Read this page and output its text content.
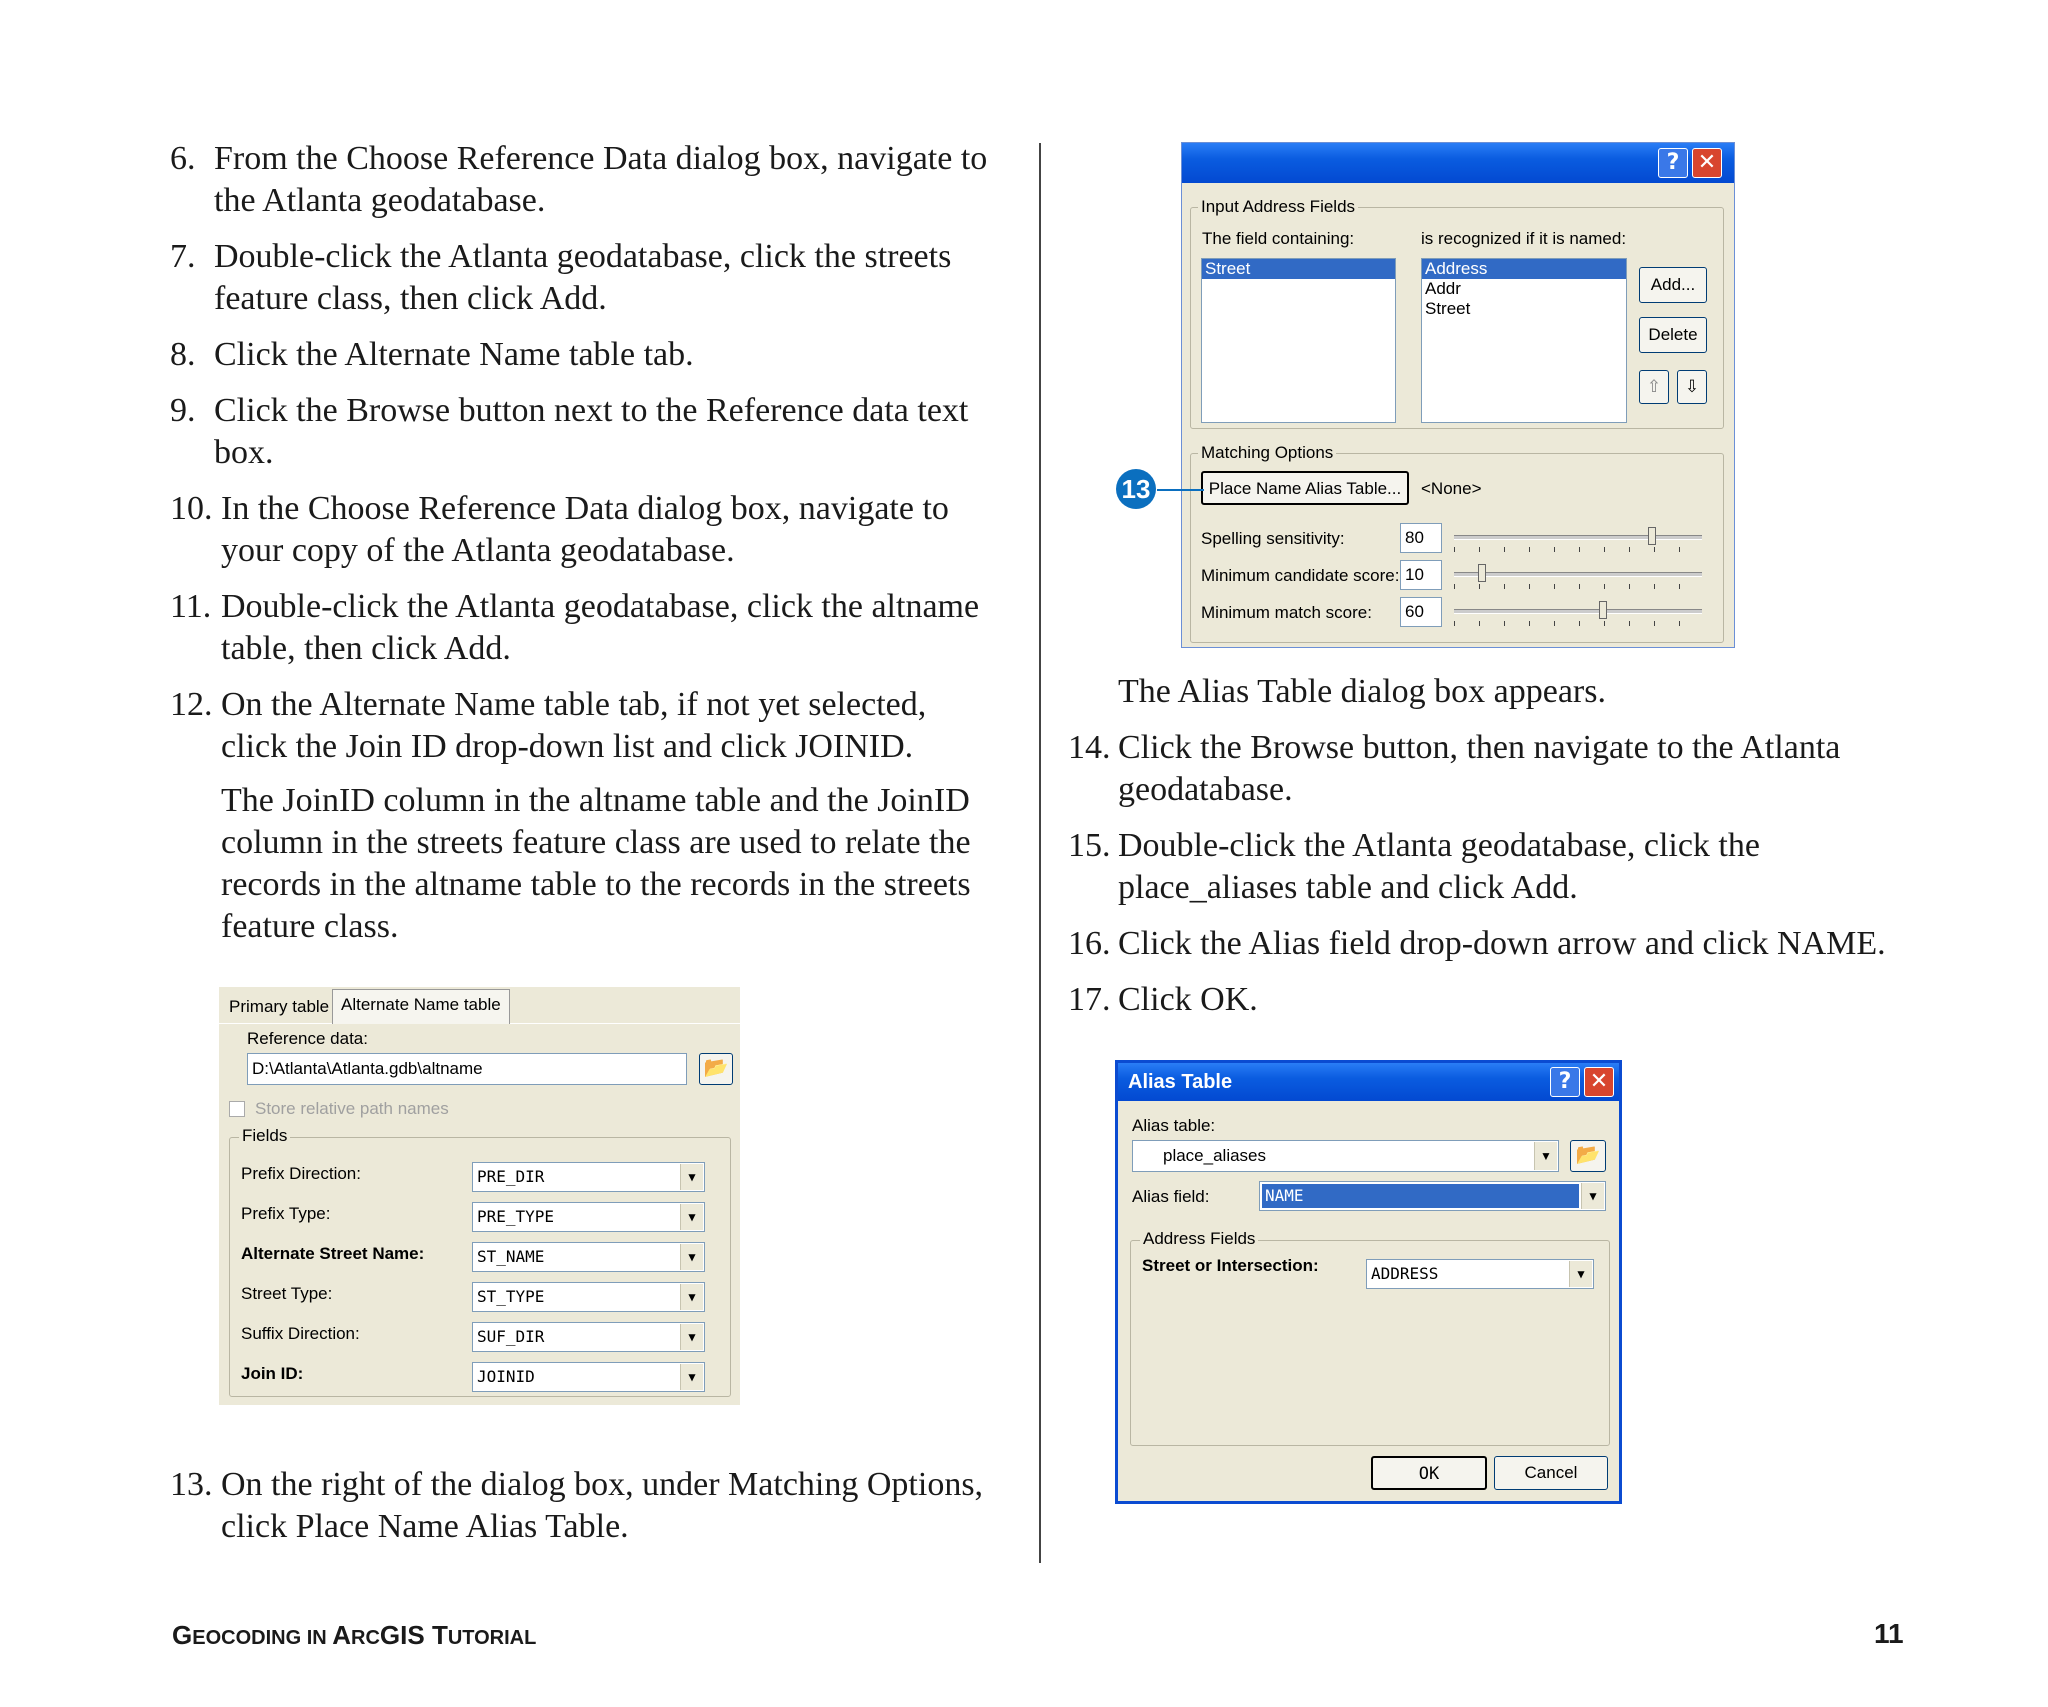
6. From the Choose Reference Data dialog box, navigate to
the Atlanta geodatabase.
7. Double-click the Atlanta geodatabase, click the streets
feature class, then click Add.
8. Click the Alternate Name table tab.
9. Click the Browse button next to the Reference data text
box.
10. In the Choose Reference Data dialog box, navigate to
your copy of the Atlanta geodatabase.
11. Double-click the Atlanta geodatabase, click the altname
table, then click Add.
12. On the Alternate Name table tab, if not yet selected,
click the Join ID drop-down list and click JOINID.
The JoinID column in the altname table and the JoinID
column in the streets feature class are used to relate the
records in the altname table to the records in the streets
feature class.
Primary table Alternate Name table
Reference data:
D:\Atlanta\Atlanta.gdb\altname	📂
Store relative path names
Fields
Prefix Direction:	PRE_DIR	▼
Prefix Type:	PRE_TYPE	▼
Alternate Street Name:	ST_NAME	▼
Street Type:	ST_TYPE	▼
Suffix Direction:	SUF_DIR	▼
Join ID:	JOINID	▼
13. On the right of the dialog box, under Matching Options,
click Place Name Alias Table.
? ✕
Input Address Fields
The field containing:	is recognized if it is named:
Street	Address
Addr
Street
Add...
Delete
⇧	⇩
Matching Options
Place Name Alias Table...	<None>
Spelling sensitivity:	80
Minimum candidate score: 10
Minimum match score: 60
13
The Alias Table dialog box appears.
14. Click the Browse button, then navigate to the Atlanta
geodatabase.
15. Double-click the Atlanta geodatabase, click the
place_aliases table and click Add.
16. Click the Alias field drop-down arrow and click NAME.
17. Click OK.
Alias Table	? ✕
Alias table:
place_aliases	▼ 📂
Alias field:	NAME	▼
Address Fields
Street or Intersection:	ADDRESS	▼
OK	Cancel
GEOCODING IN ARCGIS TUTORIAL	11
